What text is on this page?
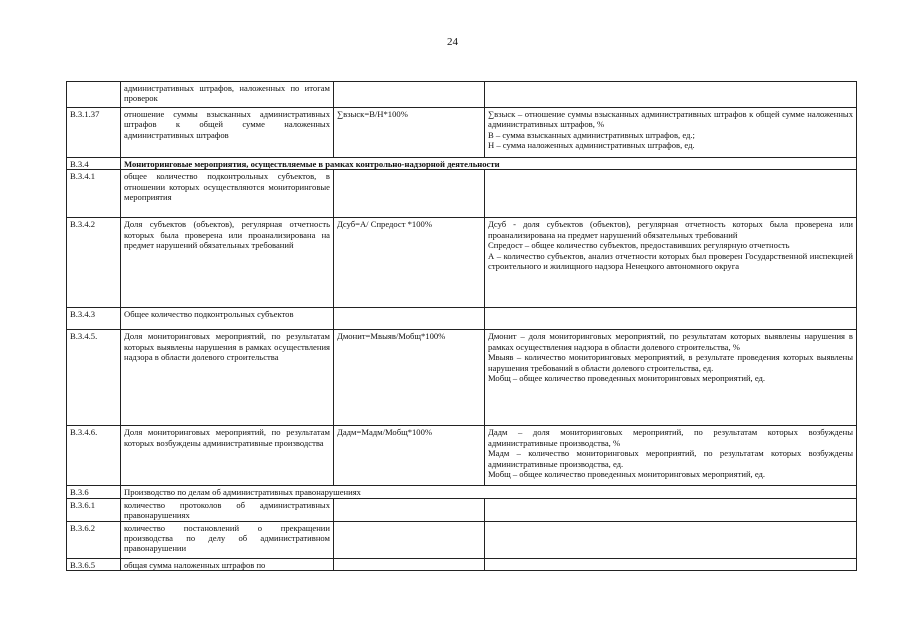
24
	административных штрафов, наложенных по итогам проверок		
В.3.1.37	отношение суммы взысканных административных штрафов к общей сумме наложенных административных штрафов	∑взыск=В/Н*100%	∑взыск – отношение суммы взысканных административных штрафов к общей сумме наложенных административных штрафов, %
В – сумма взысканных административных штрафов, ед.;
Н – сумма наложенных административных штрафов, ед.

В.3.4	Мониторинговые мероприятия, осуществляемые в рамках контрольно-надзорной деятельности		
В.3.4.1	общее количество подконтрольных субъектов, в отношении которых осуществляются мониторинговые мероприятия		
В.3.4.2	Доля субъектов (объектов), регулярная отчетность которых была проверена или проанализирована на предмет нарушений обязательных требований	Дсуб=А/ Cпредост *100%	Дсуб - доля субъектов (объектов), регулярная отчетность которых была проверена или проанализирована на предмет нарушений обязательных требований
Спредост – общее количество субъектов, предоставивших регулярную отчетность
А – количество субъектов, анализ отчетности которых был проверен Государственной инспекцией строительного и жилищного надзора Ненецкого автономного округа

В.3.4.3	Общее количество подконтрольных субъектов		
В.3.4.5.	Доля мониторинговых мероприятий, по результатам которых выявлены нарушения в рамках осуществления надзора в области долевого строительства	Дмонит=Мвыяв/Мобщ*100%	Дмонит – доля мониторинговых мероприятий, по результатам которых выявлены нарушения в рамках осуществления надзора в области долевого строительства, %
Мвыяв – количество мониторинговых мероприятий, в результате проведения которых выявлены нарушения требований в области долевого строительства, ед.
Мобщ – общее количество проведенных мониторинговых мероприятий, ед.

В.3.4.6.	Доля мониторинговых мероприятий, по результатам которых возбуждены административные производства	Дадм=Мадм/Мобщ*100%	Дадм – доля мониторинговых мероприятий, по результатам которых возбуждены административные производства, %
Мадм – количество мониторинговых мероприятий, по результатам которых возбуждены административные производства, ед.
Мобщ – общее количество проведенных мониторинговых мероприятий, ед.

В.3.6	Производство по делам об административных правонарушениях		
В.3.6.1	количество протоколов об административных правонарушениях		
В.3.6.2	количество постановлений о прекращении производства по делу об административном правонарушении		
В.3.6.5	общая сумма наложенных штрафов по		
